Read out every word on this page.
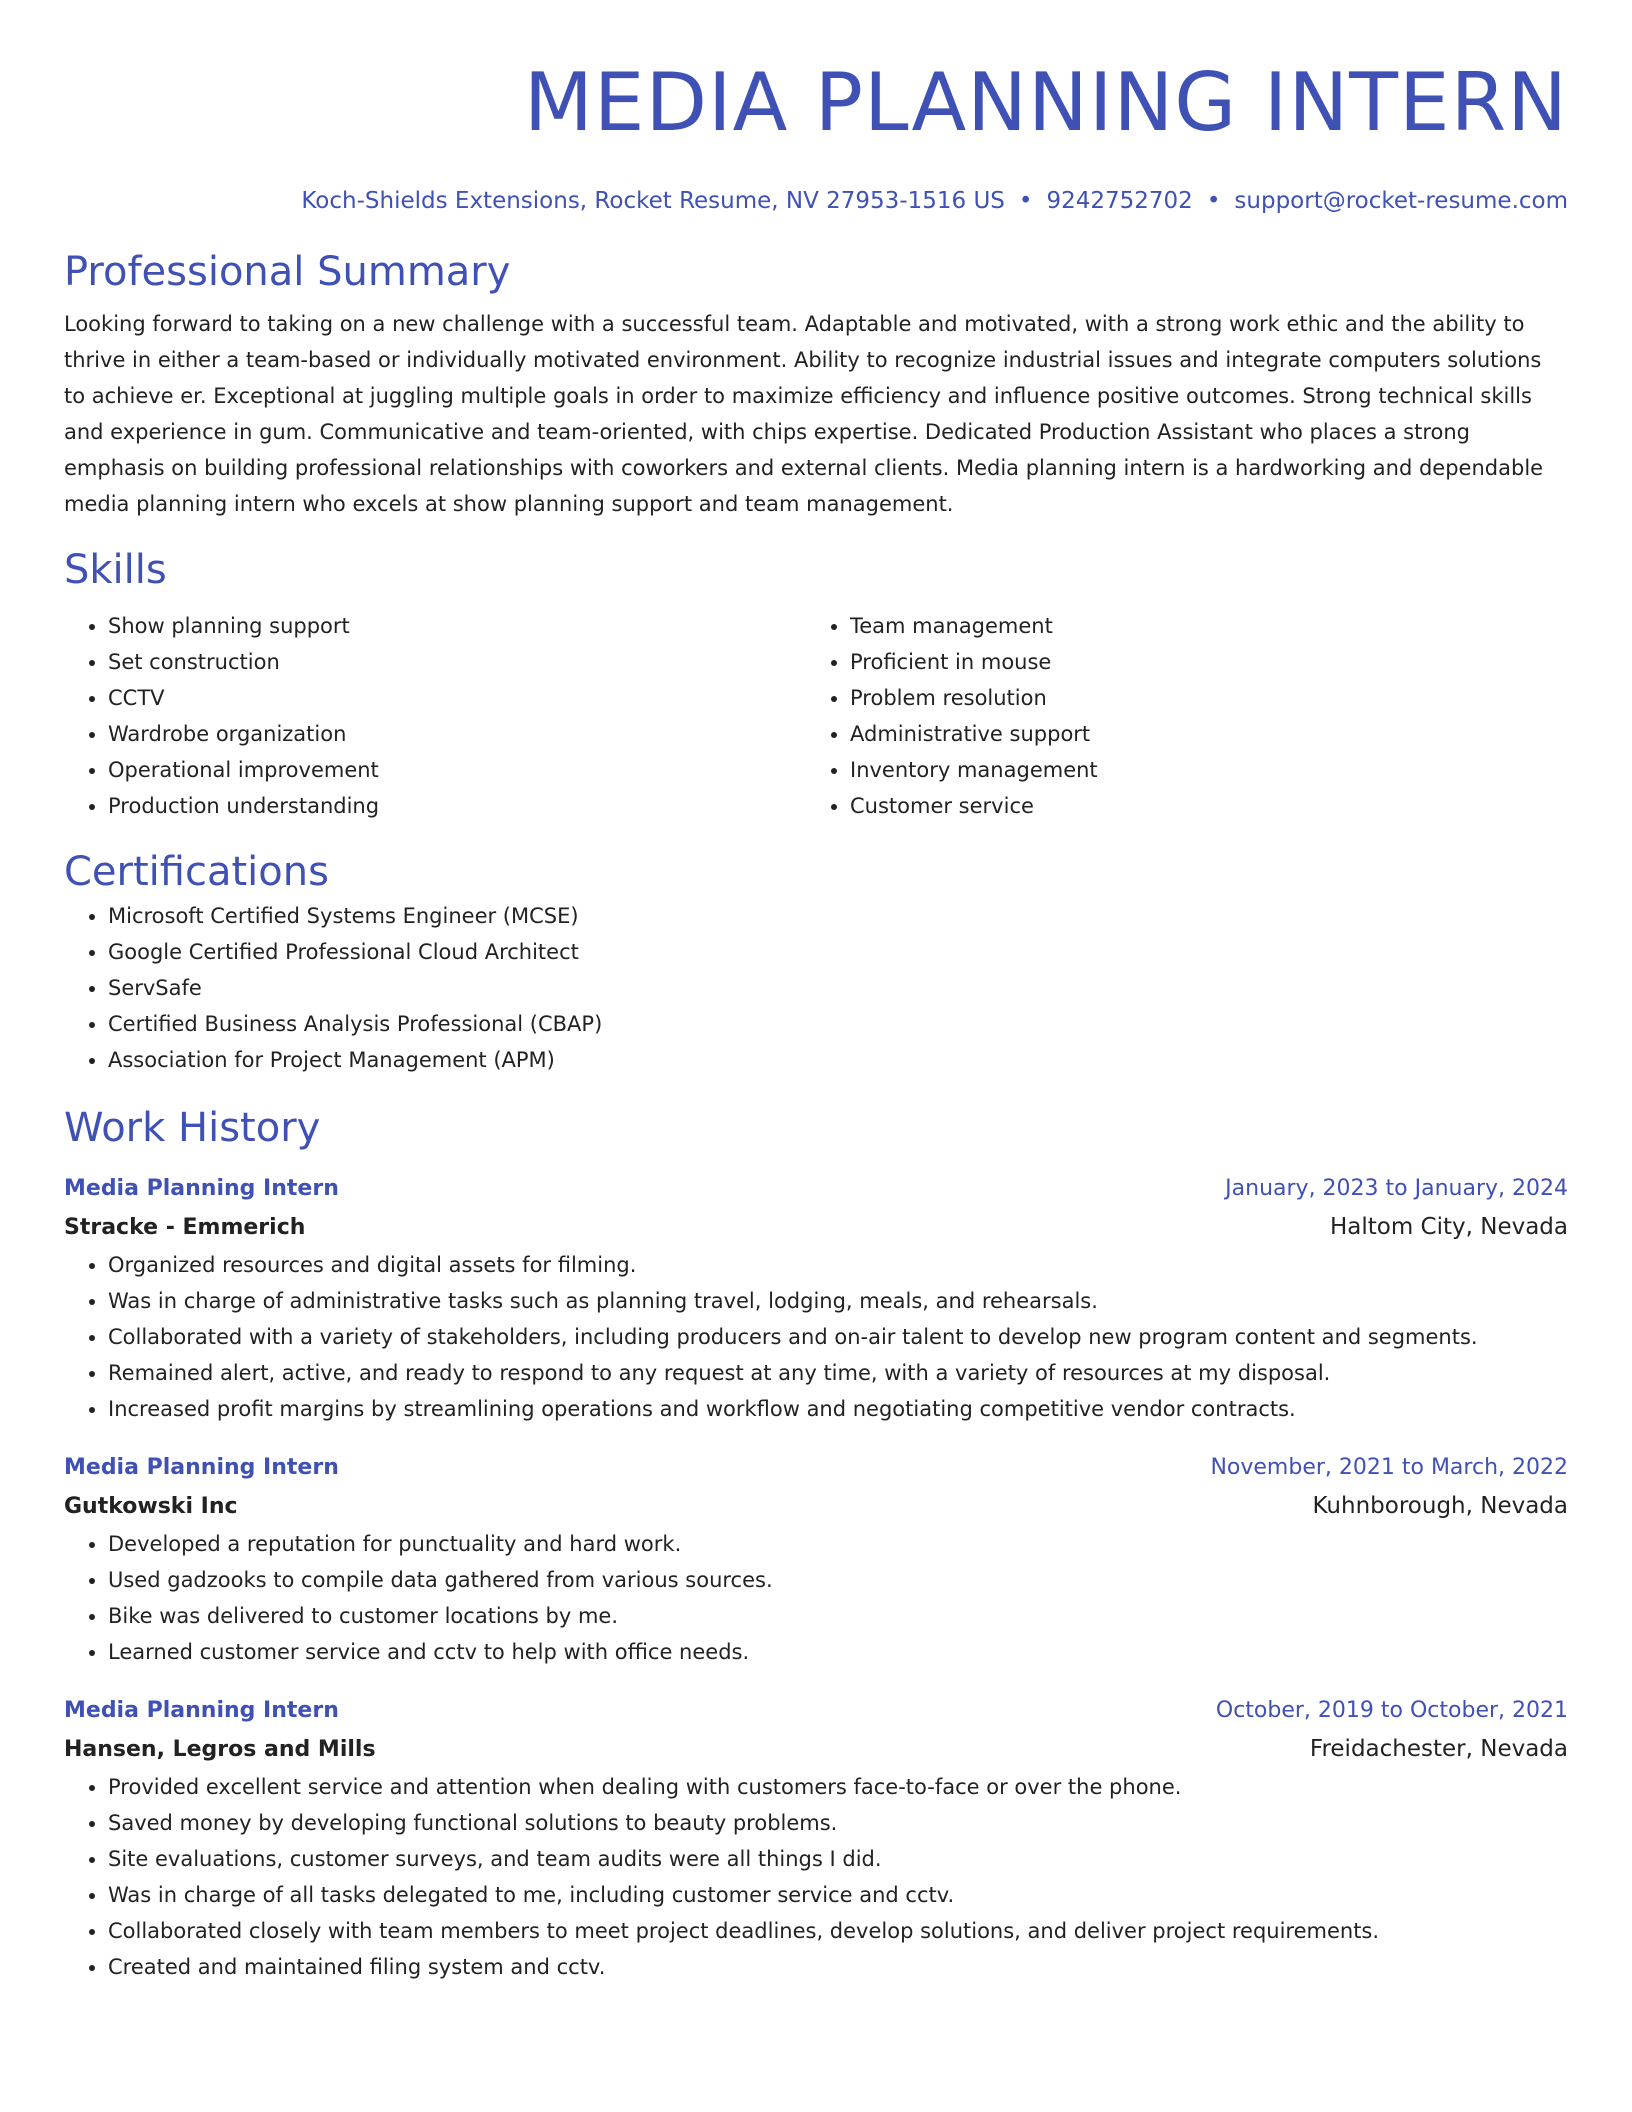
MEDIA PLANNING INTERN
Koch-Shields Extensions, Rocket Resume, NV 27953-1516 US • 9242752702 • support@rocket-resume.com
Professional Summary

Looking forward to taking on a new challenge with a successful team. Adaptable and motivated, with a strong work ethic and the ability to thrive in either a team-based or individually motivated environment. Ability to recognize industrial issues and integrate computers solutions to achieve er. Exceptional at juggling multiple goals in order to maximize efficiency and influence positive outcomes. Strong technical skills and experience in gum. Communicative and team-oriented, with chips expertise. Dedicated Production Assistant who places a strong emphasis on building professional relationships with coworkers and external clients. Media planning intern is a hardworking and dependable media planning intern who excels at show planning support and team management.

Skills
• Show planning support
• Set construction
• CCTV
• Wardrobe organization
• Operational improvement
• Production understanding
• Team management
• Proficient in mouse
• Problem resolution
• Administrative support
• Inventory management
• Customer service
Certifications
• Microsoft Certified Systems Engineer (MCSE)
• Google Certified Professional Cloud Architect
• ServSafe
• Certified Business Analysis Professional (CBAP)
• Association for Project Management (APM)
Work History
Media Planning Intern	January, 2023 to January, 2024
Stracke - Emmerich	Haltom City, Nevada
• Organized resources and digital assets for filming.
• Was in charge of administrative tasks such as planning travel, lodging, meals, and rehearsals.
• Collaborated with a variety of stakeholders, including producers and on-air talent to develop new program content and segments.
• Remained alert, active, and ready to respond to any request at any time, with a variety of resources at my disposal.
• Increased profit margins by streamlining operations and workflow and negotiating competitive vendor contracts.
Media Planning Intern	November, 2021 to March, 2022
Gutkowski Inc	Kuhnborough, Nevada
• Developed a reputation for punctuality and hard work.
• Used gadzooks to compile data gathered from various sources.
• Bike was delivered to customer locations by me.
• Learned customer service and cctv to help with office needs.
Media Planning Intern	October, 2019 to October, 2021
Hansen, Legros and Mills	Freidachester, Nevada
• Provided excellent service and attention when dealing with customers face-to-face or over the phone.
• Saved money by developing functional solutions to beauty problems.
• Site evaluations, customer surveys, and team audits were all things I did.
• Was in charge of all tasks delegated to me, including customer service and cctv.
• Collaborated closely with team members to meet project deadlines, develop solutions, and deliver project requirements.
• Created and maintained filing system and cctv.
